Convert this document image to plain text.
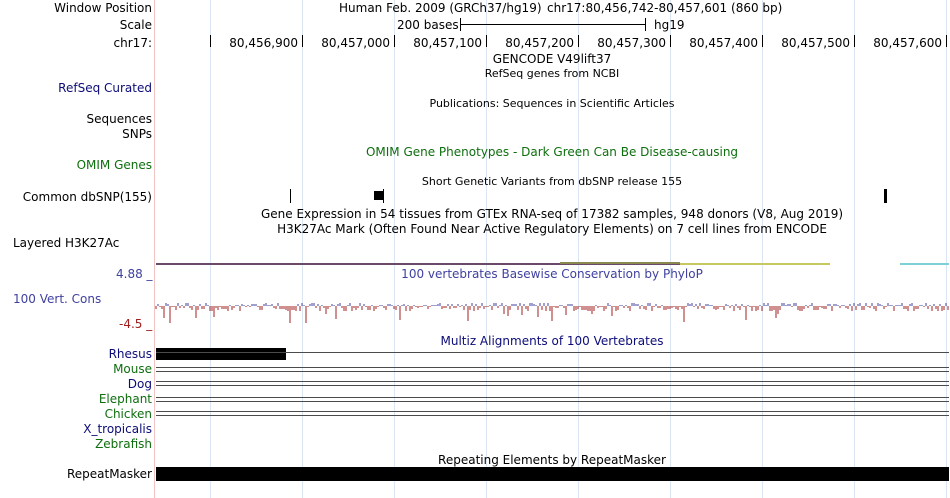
Window Position	Human Feb. 2009 (GRCh37/hg19) chr17:80,456,742-80,457,601 (860 bp)
Scale	200 bases	hg19
chr17:	80,456,900 80,457,000 80,457,100 80,457,200 80,457,300 80,457,400 80,457,500 80,457,600
GENCODE V49lift37
RefSeq Curated
RefSeq genes from NCBI
Publications: Sequences in Scientific Articles
Sequences
SNPs
OMIM Gene Phenotypes - Dark Green Can Be Disease-causing
OMIM Genes
Short Genetic Variants from dbSNP release 155
Common dbSNP(155)
Gene Expression in 54 tissues from GTEx RNA-seq of 17382 samples, 948 donors (V8, Aug 2019)
H3K27Ac Mark (Often Found Near Active Regulatory Elements) on 7 cell lines from ENCODE
Layered H3K27Ac
4.88 _	100 vertebrates Basewise Conservation by PhyloP
100 Vert. Cons
-4.5 _
Multiz Alignments of 100 Vertebrates
Rhesus
Mouse
Dog
Elephant
Chicken
X_tropicalis
Zebrafish
Repeating Elements by RepeatMasker
RepeatMasker
